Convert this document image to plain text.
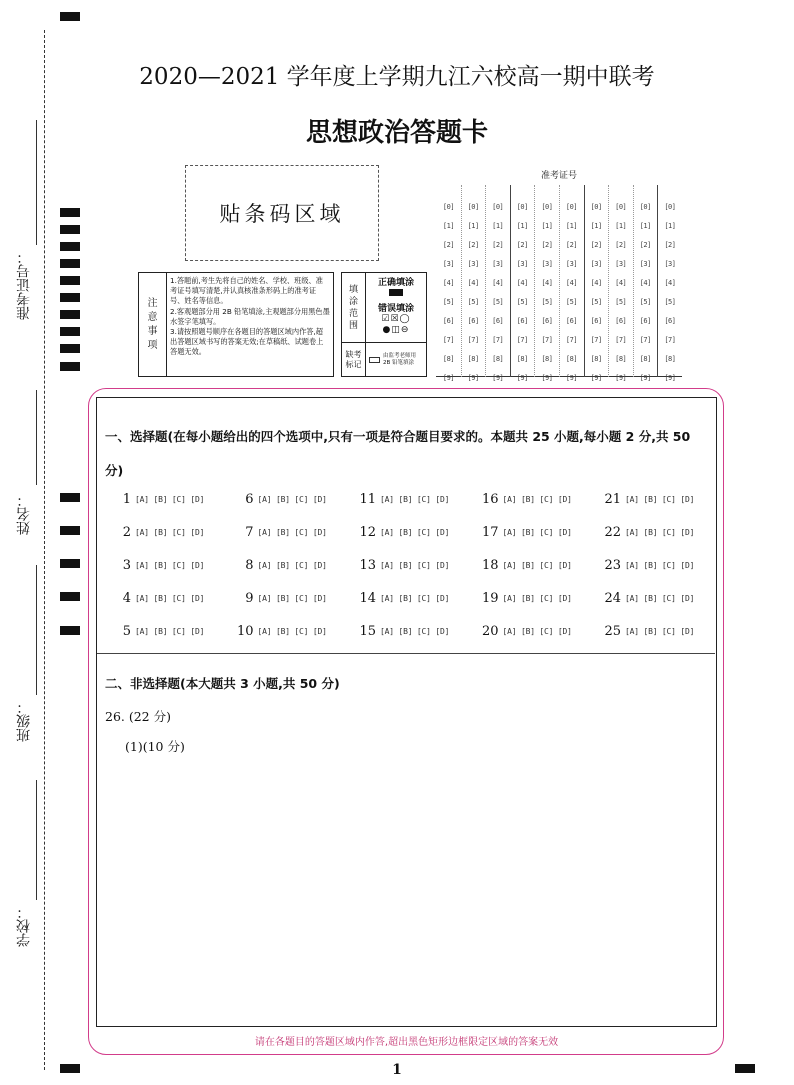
准考证号：
姓名：
班级：
学校：
2020—2021 学年度上学期九江六校高一期中联考
思想政治答题卡
贴条码区域
注
意
事
项
1.答题前,考生先将自己的姓名、学校、班级、准考证号填写清楚,并认真核准条形码上的准考证号、姓名等信息。
2.客观题部分用 2B 铅笔填涂,主观题部分用黑色墨水签字笔填写。
3.请按照题号顺序在各题目的答题区域内作答,超出答题区域书写的答案无效;在草稿纸、试题卷上答题无效。
填
涂
范
围
正确填涂
错误填涂
☑☒◯ ●◫⊖
缺考
标记
由监考老师用 2B 铅笔填涂
准考证号
[0]
[1]
[2]
[3]
[4]
[5]
[6]
[7]
[8]
[9]
[0]
[1]
[2]
[3]
[4]
[5]
[6]
[7]
[8]
[9]
[0]
[1]
[2]
[3]
[4]
[5]
[6]
[7]
[8]
[9]
[0]
[1]
[2]
[3]
[4]
[5]
[6]
[7]
[8]
[9]
[0]
[1]
[2]
[3]
[4]
[5]
[6]
[7]
[8]
[9]
[0]
[1]
[2]
[3]
[4]
[5]
[6]
[7]
[8]
[9]
[0]
[1]
[2]
[3]
[4]
[5]
[6]
[7]
[8]
[9]
[0]
[1]
[2]
[3]
[4]
[5]
[6]
[7]
[8]
[9]
[0]
[1]
[2]
[3]
[4]
[5]
[6]
[7]
[8]
[9]
[0]
[1]
[2]
[3]
[4]
[5]
[6]
[7]
[8]
[9]
一、选择题(在每小题给出的四个选项中,只有一项是符合题目要求的。本题共 25 小题,每小题 2 分,共 50 分)
1 [A] [B] [C] [D]
2 [A] [B] [C] [D]
3 [A] [B] [C] [D]
4 [A] [B] [C] [D]
5 [A] [B] [C] [D]
6 [A] [B] [C] [D]
7 [A] [B] [C] [D]
8 [A] [B] [C] [D]
9 [A] [B] [C] [D]
10 [A] [B] [C] [D]
11 [A] [B] [C] [D]
12 [A] [B] [C] [D]
13 [A] [B] [C] [D]
14 [A] [B] [C] [D]
15 [A] [B] [C] [D]
16 [A] [B] [C] [D]
17 [A] [B] [C] [D]
18 [A] [B] [C] [D]
19 [A] [B] [C] [D]
20 [A] [B] [C] [D]
21 [A] [B] [C] [D]
22 [A] [B] [C] [D]
23 [A] [B] [C] [D]
24 [A] [B] [C] [D]
25 [A] [B] [C] [D]
二、非选择题(本大题共 3 小题,共 50 分)
26. (22 分)
(1)(10 分)
请在各题目的答题区域内作答,超出黑色矩形边框限定区域的答案无效
1
